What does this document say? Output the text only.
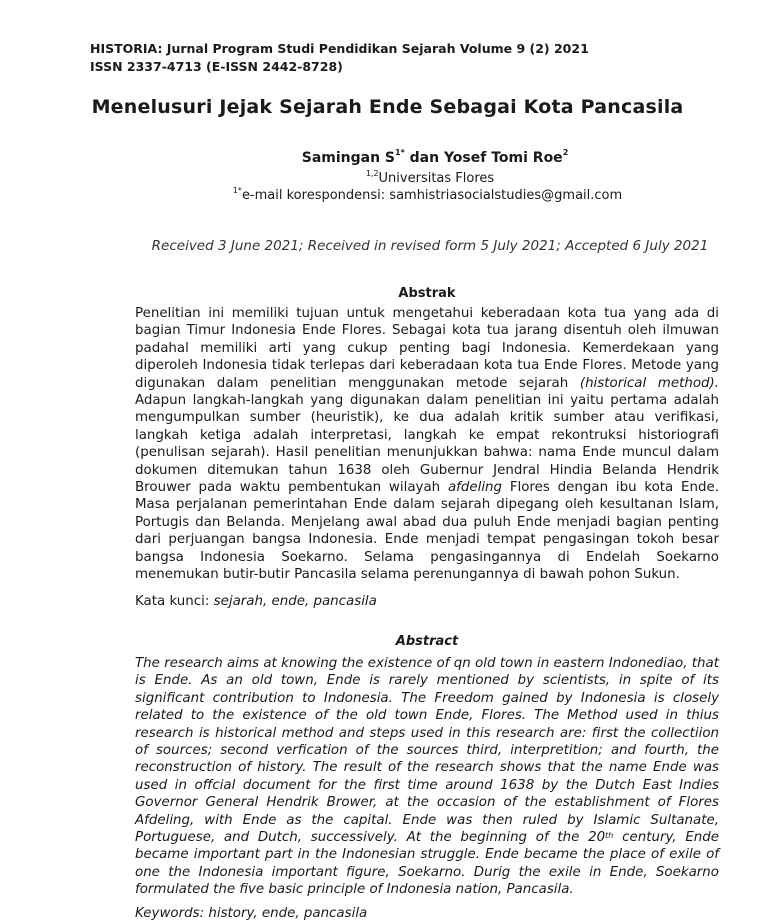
HISTORIA: Jurnal Program Studi Pendidikan Sejarah Volume 9 (2) 2021
ISSN 2337-4713 (E-ISSN 2442-8728)
Menelusuri Jejak Sejarah Ende Sebagai Kota Pancasila
Samingan $S^{1*}$ dan Yosef Tomi Roe$^2$
$^{1,2}$Universitas Flores
$^{1*}$e-mail korespondensi: samhistriasocialstudies@gmail.com
Received 3 June 2021; Received in revised form 5 July 2021; Accepted 6 July 2021
Abstrak

Penelitian ini memiliki tujuan untuk mengetahui keberadaan kota tua yang ada di bagian Timur Indonesia Ende Flores. Sebagai kota tua jarang disentuh oleh ilmuwan padahal memiliki arti yang cukup penting bagi Indonesia. Kemerdekaan yang diperoleh Indonesia tidak terlepas dari keberadaan kota tua Ende Flores. Metode yang digunakan dalam penelitian menggunakan metode sejarah (historical method). Adapun langkah-langkah yang digunakan dalam penelitian ini yaitu pertama adalah mengumpulkan sumber (heuristik), ke dua adalah kritik sumber atau verifikasi, langkah ketiga adalah interpretasi, langkah ke empat rekontruksi historiografi (penulisan sejarah). Hasil penelitian menunjukkan bahwa: nama Ende muncul dalam dokumen ditemukan tahun 1638 oleh Gubernur Jendral Hindia Belanda Hendrik Brouwer pada waktu pembentukan wilayah afdeling Flores dengan ibu kota Ende. Masa perjalanan pemerintahan Ende dalam sejarah dipegang oleh kesultanan Islam, Portugis dan Belanda. Menjelang awal abad dua puluh Ende menjadi bagian penting dari perjuangan bangsa Indonesia. Ende menjadi tempat pengasingan tokoh besar bangsa Indonesia Soekarno. Selama pengasingannya di Endelah Soekarno menemukan butir-butir Pancasila selama perenungannya di bawah pohon Sukun.

Kata kunci: sejarah, ende, pancasila
Abstract

The research aims at knowing the existence of qn old town in eastern Indonediao, that is Ende. As an old town, Ende is rarely mentioned by scientists, in spite of its significant contribution to Indonesia. The Freedom gained by Indonesia is closely related to the existence of the old town Ende, Flores. The Method used in thius research is historical method and steps used in this research are: first the collectiion of sources; second verfication of the sources third, interpretition; and fourth, the reconstruction of history. The result of the research shows that the name Ende was used in offcial document for the first time around 1638 by the Dutch East Indies Governor General Hendrik Brower, at the occasion of the establishment of Flores Afdeling, with Ende as the capital. Ende was then ruled by Islamic Sultanate, Portuguese, and Dutch, successively. At the beginning of the 20th century, Ende became important part in the Indonesian struggle. Ende became the place of exile of one the Indonesia important figure, Soekarno. Durig the exile in Ende, Soekarno formulated the five basic principle of Indonesia nation, Pancasila.

Keywords: history, ende, pancasila
